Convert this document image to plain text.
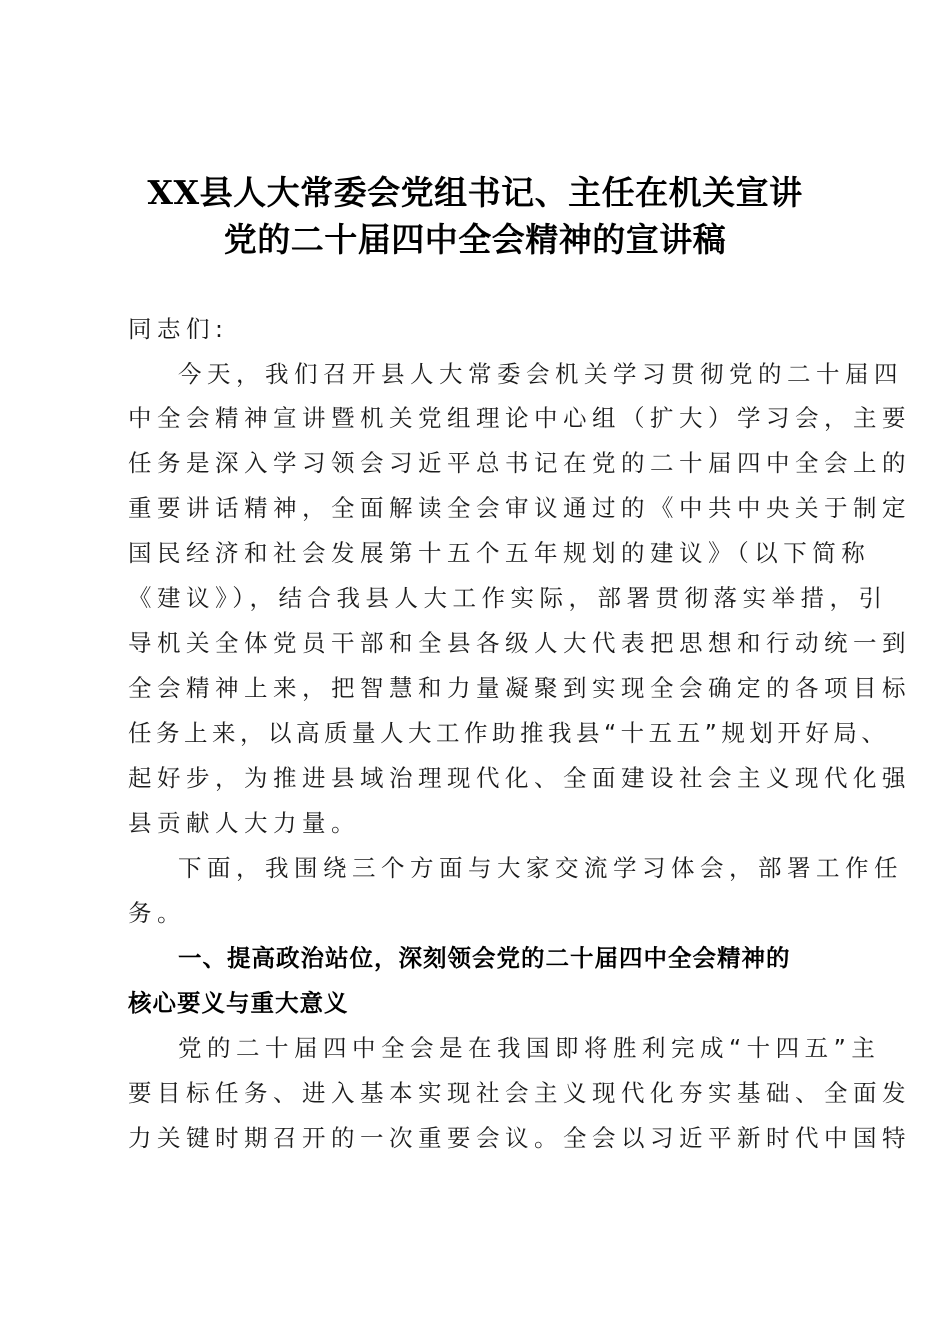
XX县人大常委会党组书记、主任在机关宣讲
党的二十届四中全会精神的宣讲稿
同志们:
今天，我们召开县人大常委会机关学习贯彻党的二十届四
中全会精神宣讲暨机关党组理论中心组（扩大）学习会，主要
任务是深入学习领会习近平总书记在党的二十届四中全会上的
重要讲话精神，全面解读全会审议通过的《中共中央关于制定
国民经济和社会发展第十五个五年规划的建议》（以下简称
《建议》），结合我县人大工作实际，部署贯彻落实举措，引
导机关全体党员干部和全县各级人大代表把思想和行动统一到
全会精神上来，把智慧和力量凝聚到实现全会确定的各项目标
任务上来，以高质量人大工作助推我县“十五五”规划开好局、
起好步，为推进县域治理现代化、全面建设社会主义现代化强
县贡献人大力量。
下面，我围绕三个方面与大家交流学习体会，部署工作任
务。
一、提高政治站位，深刻领会党的二十届四中全会精神的
核心要义与重大意义
党的二十届四中全会是在我国即将胜利完成“十四五”主
要目标任务、进入基本实现社会主义现代化夯实基础、全面发
力关键时期召开的一次重要会议。全会以习近平新时代中国特
